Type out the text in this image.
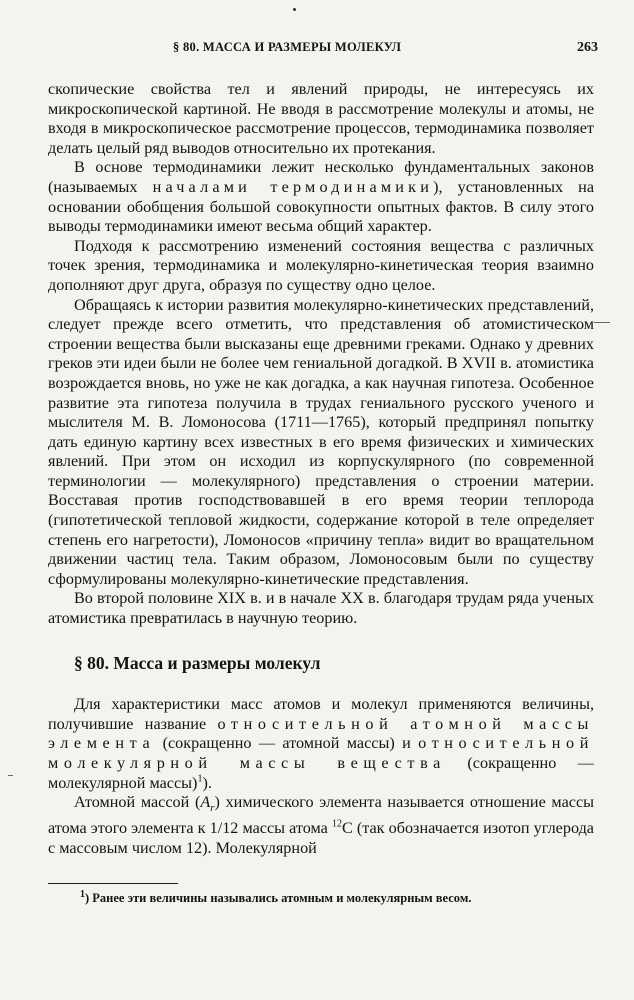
§ 80. МАССА И РАЗМЕРЫ МОЛЕКУЛ	263

скопические свойства тел и явлений природы, не интересуясь их микроскопической картиной. Не вводя в рассмотрение молекулы и атомы, не входя в микроскопическое рассмотрение процессов, термодинамика позволяет делать целый ряд выводов относительно их протекания.

В основе термодинамики лежит несколько фундаментальных законов (называемых началами термодинамики), установленных на основании обобщения большой совокупности опытных фактов. В силу этого выводы термодинамики имеют весьма общий характер.

Подходя к рассмотрению изменений состояния вещества с различных точек зрения, термодинамика и молекулярно-кинетическая теория взаимно дополняют друг друга, образуя по существу одно целое.

Обращаясь к истории развития молекулярно-кинетических представлений, следует прежде всего отметить, что представления об атомистическом строении вещества были высказаны еще древними греками. Однако у древних греков эти идеи были не более чем гениальной догадкой. В XVII в. атомистика возрождается вновь, но уже не как догадка, а как научная гипотеза. Особенное развитие эта гипотеза получила в трудах гениального русского ученого и мыслителя М. В. Ломоносова (1711—1765), который предпринял попытку дать единую картину всех известных в его время физических и химических явлений. При этом он исходил из корпускулярного (по современной терминологии — молекулярного) представления о строении материи. Восставая против господствовавшей в его время теории теплорода (гипотетической тепловой жидкости, содержание которой в теле определяет степень его нагретости), Ломоносов «причину тепла» видит во вращательном движении частиц тела. Таким образом, Ломоносовым были по существу сформулированы молекулярно-кинетические представления.

Во второй половине XIX в. и в начале XX в. благодаря трудам ряда ученых атомистика превратилась в научную теорию.

§ 80. Масса и размеры молекул

Для характеристики масс атомов и молекул применяются величины, получившие название относительной атомной массы элемента (сокращенно — атомной массы) и относительной молекулярной массы вещества (сокращенно — молекулярной массы)$^1$).

Атомной массой $(A_r)$ химического элемента называется отношение массы атома этого элемента к 1/12 массы атома $^{12}$C (так обозначается изотоп углерода с массовым числом 12). Молекулярной

$^1$) Ранее эти величины назывались атомным и молекулярным весом.
